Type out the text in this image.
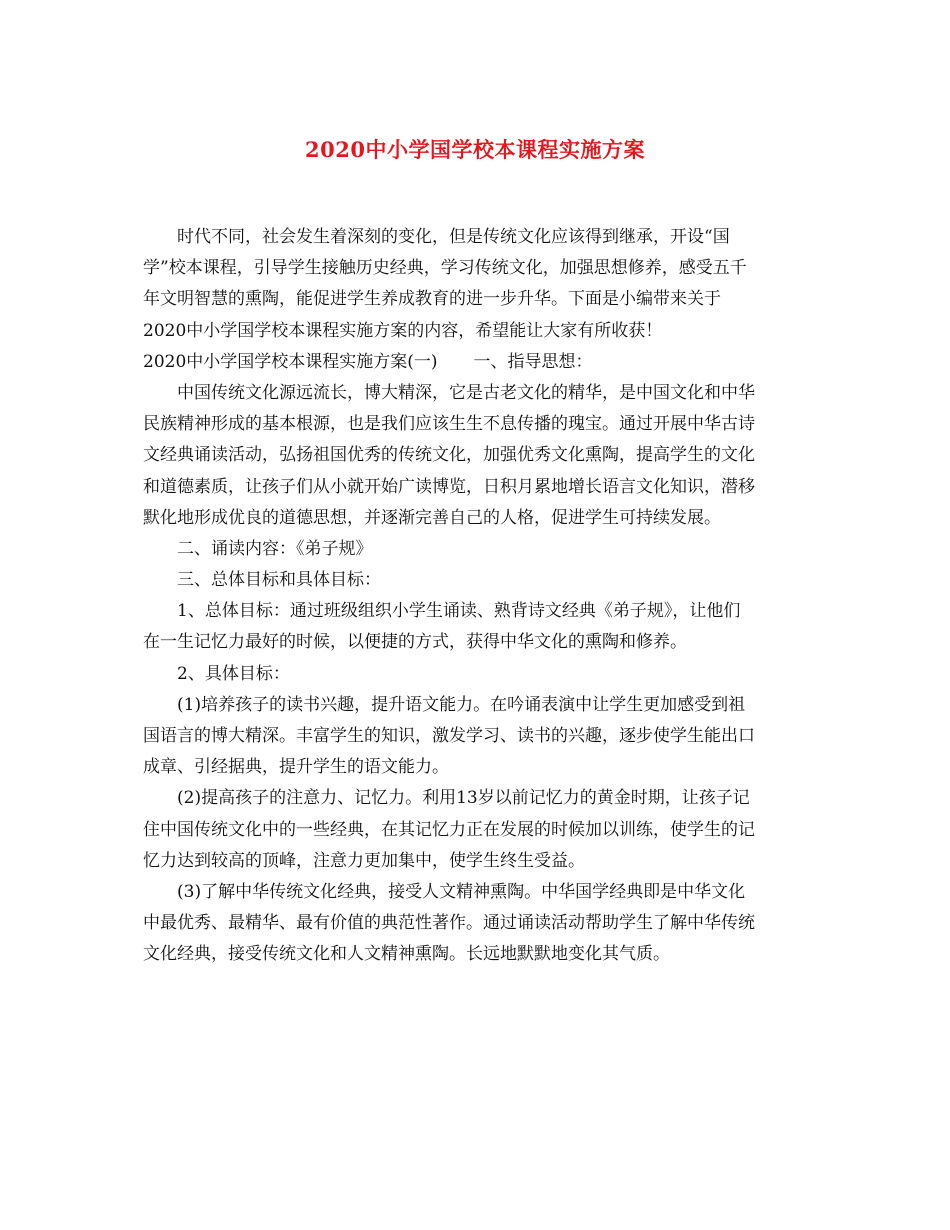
2020中小学国学校本课程实施方案
时代不同，社会发生着深刻的变化，但是传统文化应该得到继承，开设“国
学”校本课程，引导学生接触历史经典，学习传统文化，加强思想修养，感受五千
年文明智慧的熏陶，能促进学生养成教育的进一步升华。下面是小编带来关于
2020中小学国学校本课程实施方案的内容，希望能让大家有所收获！
2020中小学国学校本课程实施方案(一) 一、指导思想：
中国传统文化源远流长，博大精深，它是古老文化的精华，是中国文化和中华
民族精神形成的基本根源，也是我们应该生生不息传播的瑰宝。通过开展中华古诗
文经典诵读活动，弘扬祖国优秀的传统文化，加强优秀文化熏陶，提高学生的文化
和道德素质，让孩子们从小就开始广读博览，日积月累地增长语言文化知识，潜移
默化地形成优良的道德思想，并逐渐完善自己的人格，促进学生可持续发展。
二、诵读内容：《弟子规》
三、总体目标和具体目标：
1、总体目标：通过班级组织小学生诵读、熟背诗文经典《弟子规》，让他们
在一生记忆力最好的时候，以便捷的方式，获得中华文化的熏陶和修养。
2、具体目标：
(1)培养孩子的读书兴趣，提升语文能力。在吟诵表演中让学生更加感受到祖
国语言的博大精深。丰富学生的知识，激发学习、读书的兴趣，逐步使学生能出口
成章、引经据典，提升学生的语文能力。
(2)提高孩子的注意力、记忆力。利用13岁以前记忆力的黄金时期，让孩子记
住中国传统文化中的一些经典，在其记忆力正在发展的时候加以训练，使学生的记
忆力达到较高的顶峰，注意力更加集中，使学生终生受益。
(3)了解中华传统文化经典，接受人文精神熏陶。中华国学经典即是中华文化
中最优秀、最精华、最有价值的典范性著作。通过诵读活动帮助学生了解中华传统
文化经典，接受传统文化和人文精神熏陶。长远地默默地变化其气质。
